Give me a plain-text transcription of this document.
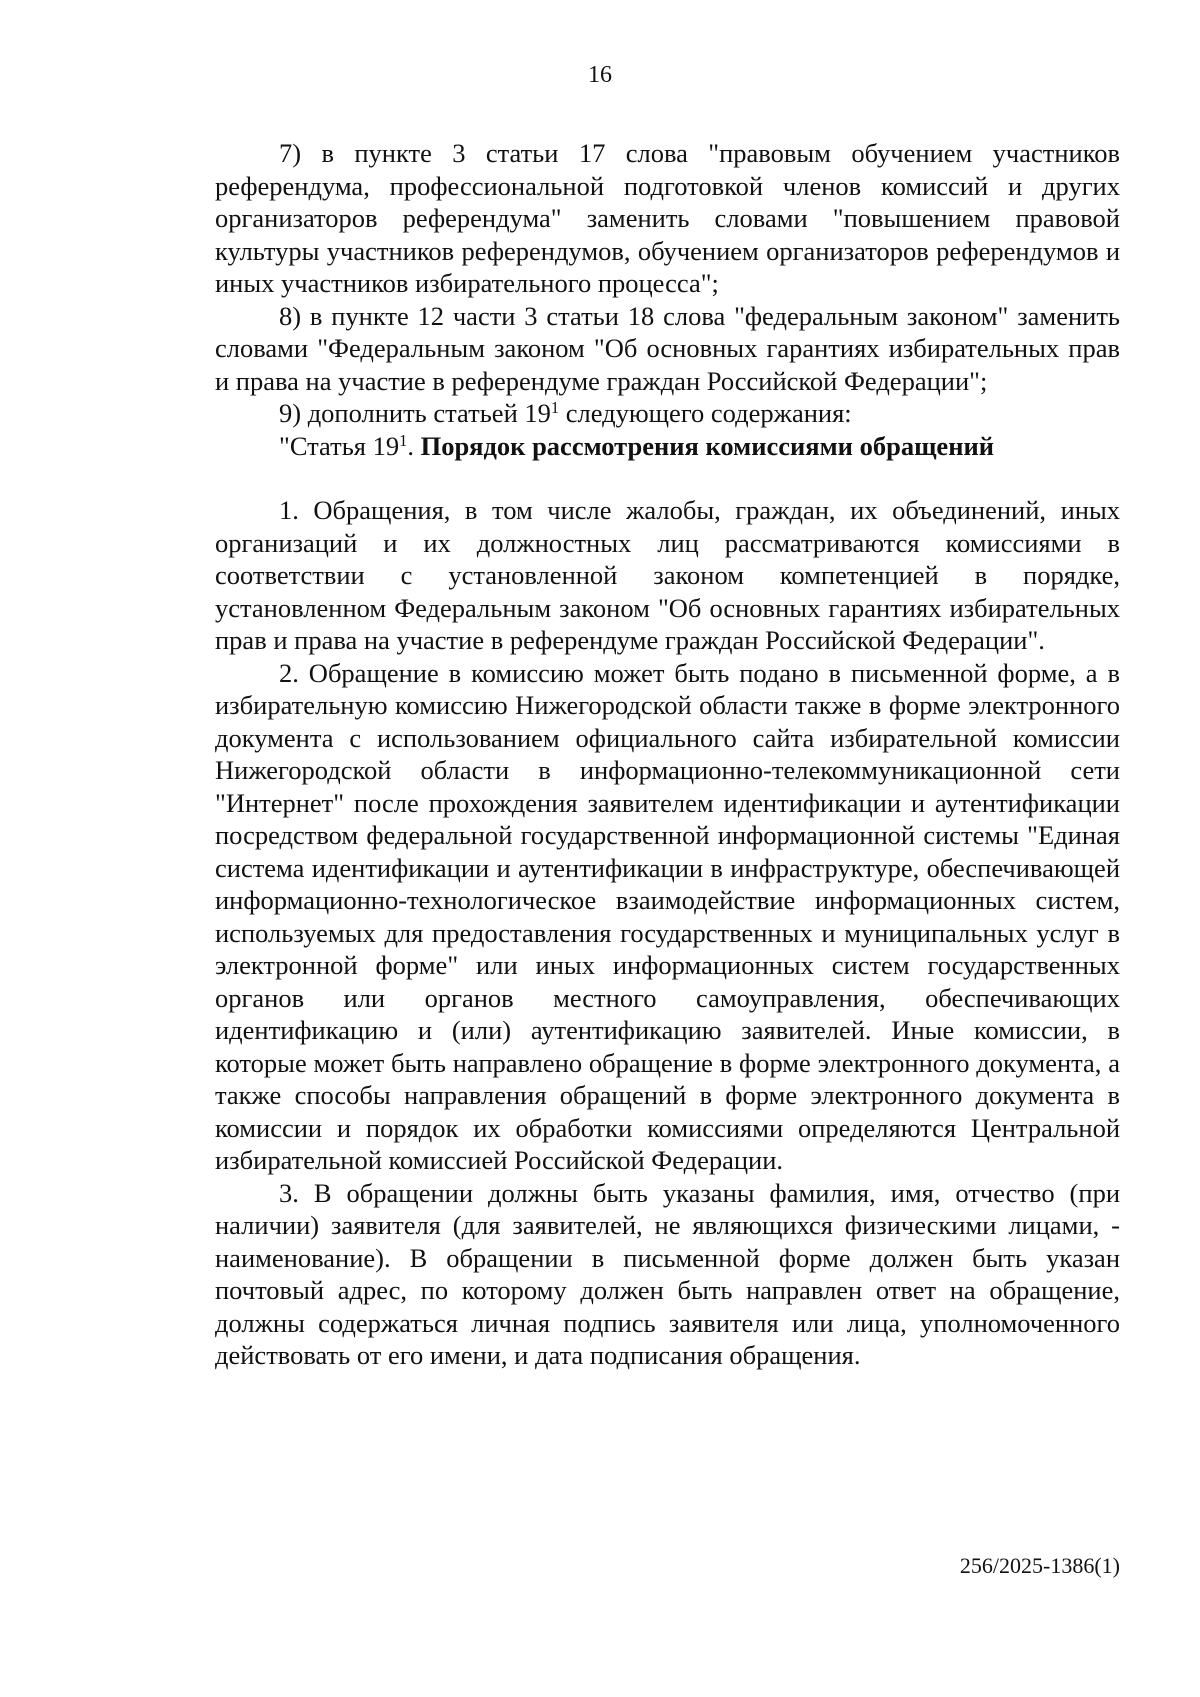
16

7) в пункте 3 статьи 17 слова "правовым обучением участников референдума, профессиональной подготовкой членов комиссий и других организаторов референдума" заменить словами "повышением правовой культуры участников референдумов, обучением организаторов референдумов и иных участников избирательного процесса";

8) в пункте 12 части 3 статьи 18 слова "федеральным законом" заменить словами "Федеральным законом "Об основных гарантиях избирательных прав и права на участие в референдуме граждан Российской Федерации";

9) дополнить статьей $19^1$ следующего содержания:

"Статья $19^1$. Порядок рассмотрения комиссиями обращений

1. Обращения, в том числе жалобы, граждан, их объединений, иных организаций и их должностных лиц рассматриваются комиссиями в соответствии с установленной законом компетенцией в порядке, установленном Федеральным законом "Об основных гарантиях избирательных прав и права на участие в референдуме граждан Российской Федерации".

2. Обращение в комиссию может быть подано в письменной форме, а в избирательную комиссию Нижегородской области также в форме электронного документа с использованием официального сайта избирательной комиссии Нижегородской области в информационно-телекоммуникационной сети "Интернет" после прохождения заявителем идентификации и аутентификации посредством федеральной государственной информационной системы "Единая система идентификации и аутентификации в инфраструктуре, обеспечивающей информационно-технологическое взаимодействие информационных систем, используемых для предоставления государственных и муниципальных услуг в электронной форме" или иных информационных систем государственных органов или органов местного самоуправления, обеспечивающих идентификацию и (или) аутентификацию заявителей. Иные комиссии, в которые может быть направлено обращение в форме электронного документа, а также способы направления обращений в форме электронного документа в комиссии и порядок их обработки комиссиями определяются Центральной избирательной комиссией Российской Федерации.

3. В обращении должны быть указаны фамилия, имя, отчество (при наличии) заявителя (для заявителей, не являющихся физическими лицами, - наименование). В обращении в письменной форме должен быть указан почтовый адрес, по которому должен быть направлен ответ на обращение, должны содержаться личная подпись заявителя или лица, уполномоченного действовать от его имени, и дата подписания обращения.

256/2025-1386(1)
